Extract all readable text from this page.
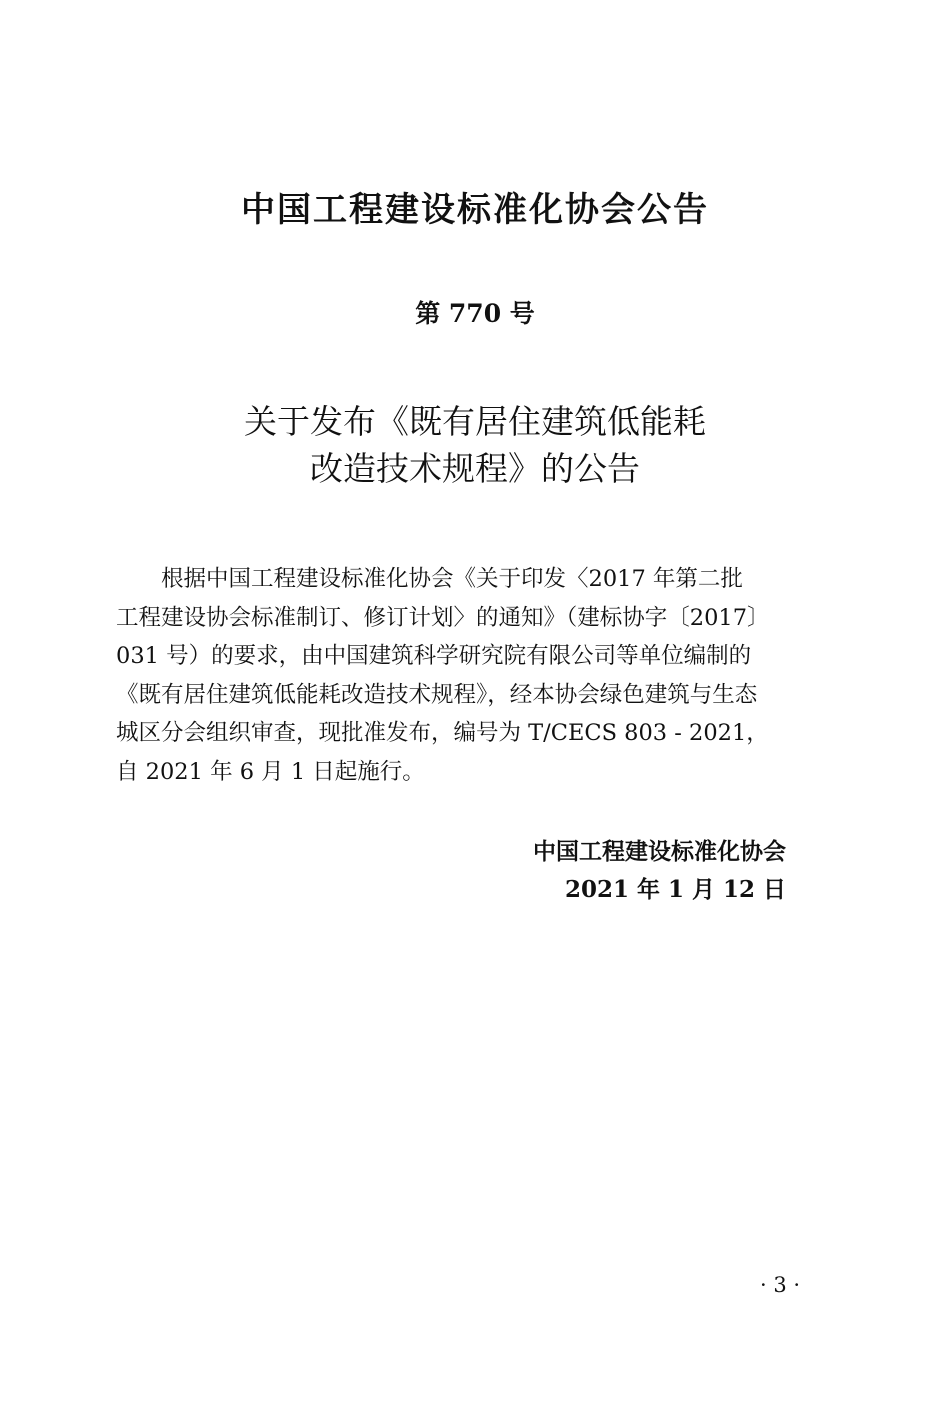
中国工程建设标准化协会公告
第 770 号
关于发布《既有居住建筑低能耗
改造技术规程》的公告
　　根据中国工程建设标准化协会《关于印发〈2017 年第二批
工程建设协会标准制订、修订计划〉的通知》（建标协字〔2017〕
031 号）的要求，由中国建筑科学研究院有限公司等单位编制的
《既有居住建筑低能耗改造技术规程》，经本协会绿色建筑与生态
城区分会组织审查，现批准发布，编号为 T/CECS 803 - 2021，
自 2021 年 6 月 1 日起施行。
中国工程建设标准化协会
2021 年 1 月 12 日
· 3 ·
